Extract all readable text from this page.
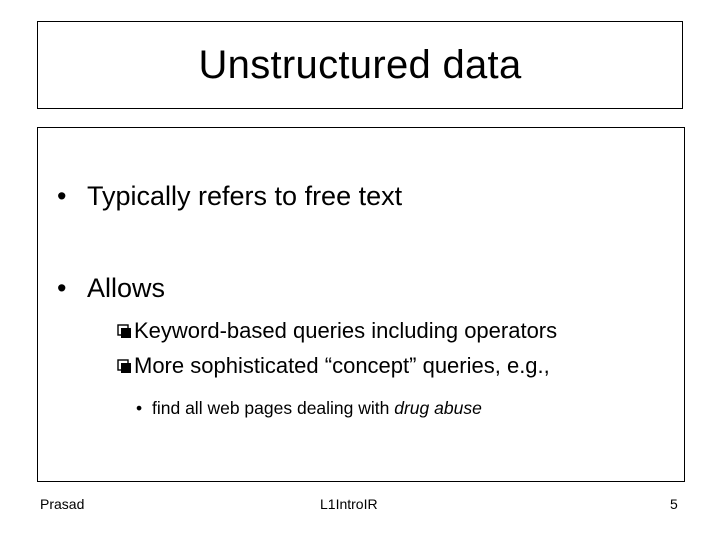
Unstructured data
• Typically refers to free text
• Allows
Keyword-based queries including operators
More sophisticated “concept” queries, e.g.,
• find all web pages dealing with drug abuse
Prasad	L1IntroIR	5
